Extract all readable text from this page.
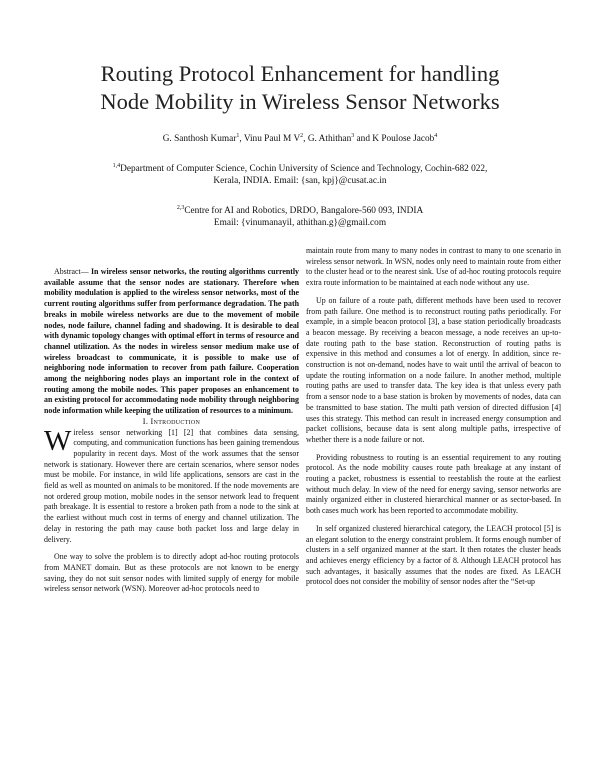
Routing Protocol Enhancement for handling
Node Mobility in Wireless Sensor Networks
G. Santhosh Kumar$^1$, Vinu Paul M $V^2$, G. Athithan$^3$ and K Poulose Jacob$^4$
$^{1,4}$Department of Computer Science, Cochin University of Science and Technology, Cochin-682 022,
Kerala, INDIA. Email: {san, kpj}@cusat.ac.in
$^{2,3}$Centre for AI and Robotics, DRDO, Bangalore-560 093, INDIA
Email: {vinumanayil, athithan.g}@gmail.com

Abstract— In wireless sensor networks, the routing algorithms currently available assume that the sensor nodes are stationary. Therefore when mobility modulation is applied to the wireless sensor networks, most of the current routing algorithms suffer from performance degradation. The path breaks in mobile wireless networks are due to the movement of mobile nodes, node failure, channel fading and shadowing. It is desirable to deal with dynamic topology changes with optimal effort in terms of resource and channel utilization. As the nodes in wireless sensor medium make use of wireless broadcast to communicate, it is possible to make use of neighboring node information to recover from path failure. Cooperation among the neighboring nodes plays an important role in the context of routing among the mobile nodes. This paper proposes an enhancement to an existing protocol for accommodating node mobility through neighboring node information while keeping the utilization of resources to a minimum.

I. Introduction

Wireless sensor networking [1] [2] that combines data sensing, computing, and communication functions has been gaining tremendous popularity in recent days. Most of the work assumes that the sensor network is stationary. However there are certain scenarios, where sensor nodes must be mobile. For instance, in wild life applications, sensors are cast in the field as well as mounted on animals to be monitored. If the node movements are not ordered group motion, mobile nodes in the sensor network lead to frequent path breakage. It is essential to restore a broken path from a node to the sink at the earliest without much cost in terms of energy and channel utilization. The delay in restoring the path may cause both packet loss and large delay in delivery.

One way to solve the problem is to directly adopt ad-hoc routing protocols from MANET domain. But as these protocols are not known to be energy saving, they do not suit sensor nodes with limited supply of energy for mobile wireless sensor network (WSN). Moreover ad-hoc protocols need to

maintain route from many to many nodes in contrast to many to one scenario in wireless sensor network. In WSN, nodes only need to maintain route from either to the cluster head or to the nearest sink. Use of ad-hoc routing protocols require extra route information to be maintained at each node without any use.

Up on failure of a route path, different methods have been used to recover from path failure. One method is to reconstruct routing paths periodically. For example, in a simple beacon protocol [3], a base station periodically broadcasts a beacon message. By receiving a beacon message, a node receives an up-to-date routing path to the base station. Reconstruction of routing paths is expensive in this method and consumes a lot of energy. In addition, since re-construction is not on-demand, nodes have to wait until the arrival of beacon to update the routing information on a node failure. In another method, multiple routing paths are used to transfer data. The key idea is that unless every path from a sensor node to a base station is broken by movements of nodes, data can be transmitted to base station. The multi path version of directed diffusion [4] uses this strategy. This method can result in increased energy consumption and packet collisions, because data is sent along multiple paths, irrespective of whether there is a node failure or not.

Providing robustness to routing is an essential requirement to any routing protocol. As the node mobility causes route path breakage at any instant of routing a packet, robustness is essential to reestablish the route at the earliest without much delay. In view of the need for energy saving, sensor networks are mainly organized either in clustered hierarchical manner or as sector-based. In both cases much work has been reported to accommodate mobility.

In self organized clustered hierarchical category, the LEACH protocol [5] is an elegant solution to the energy constraint problem. It forms enough number of clusters in a self organized manner at the start. It then rotates the cluster heads and achieves energy efficiency by a factor of 8. Although LEACH protocol has such advantages, it basically assumes that the nodes are fixed. As LEACH protocol does not consider the mobility of sensor nodes after the “Set-up
